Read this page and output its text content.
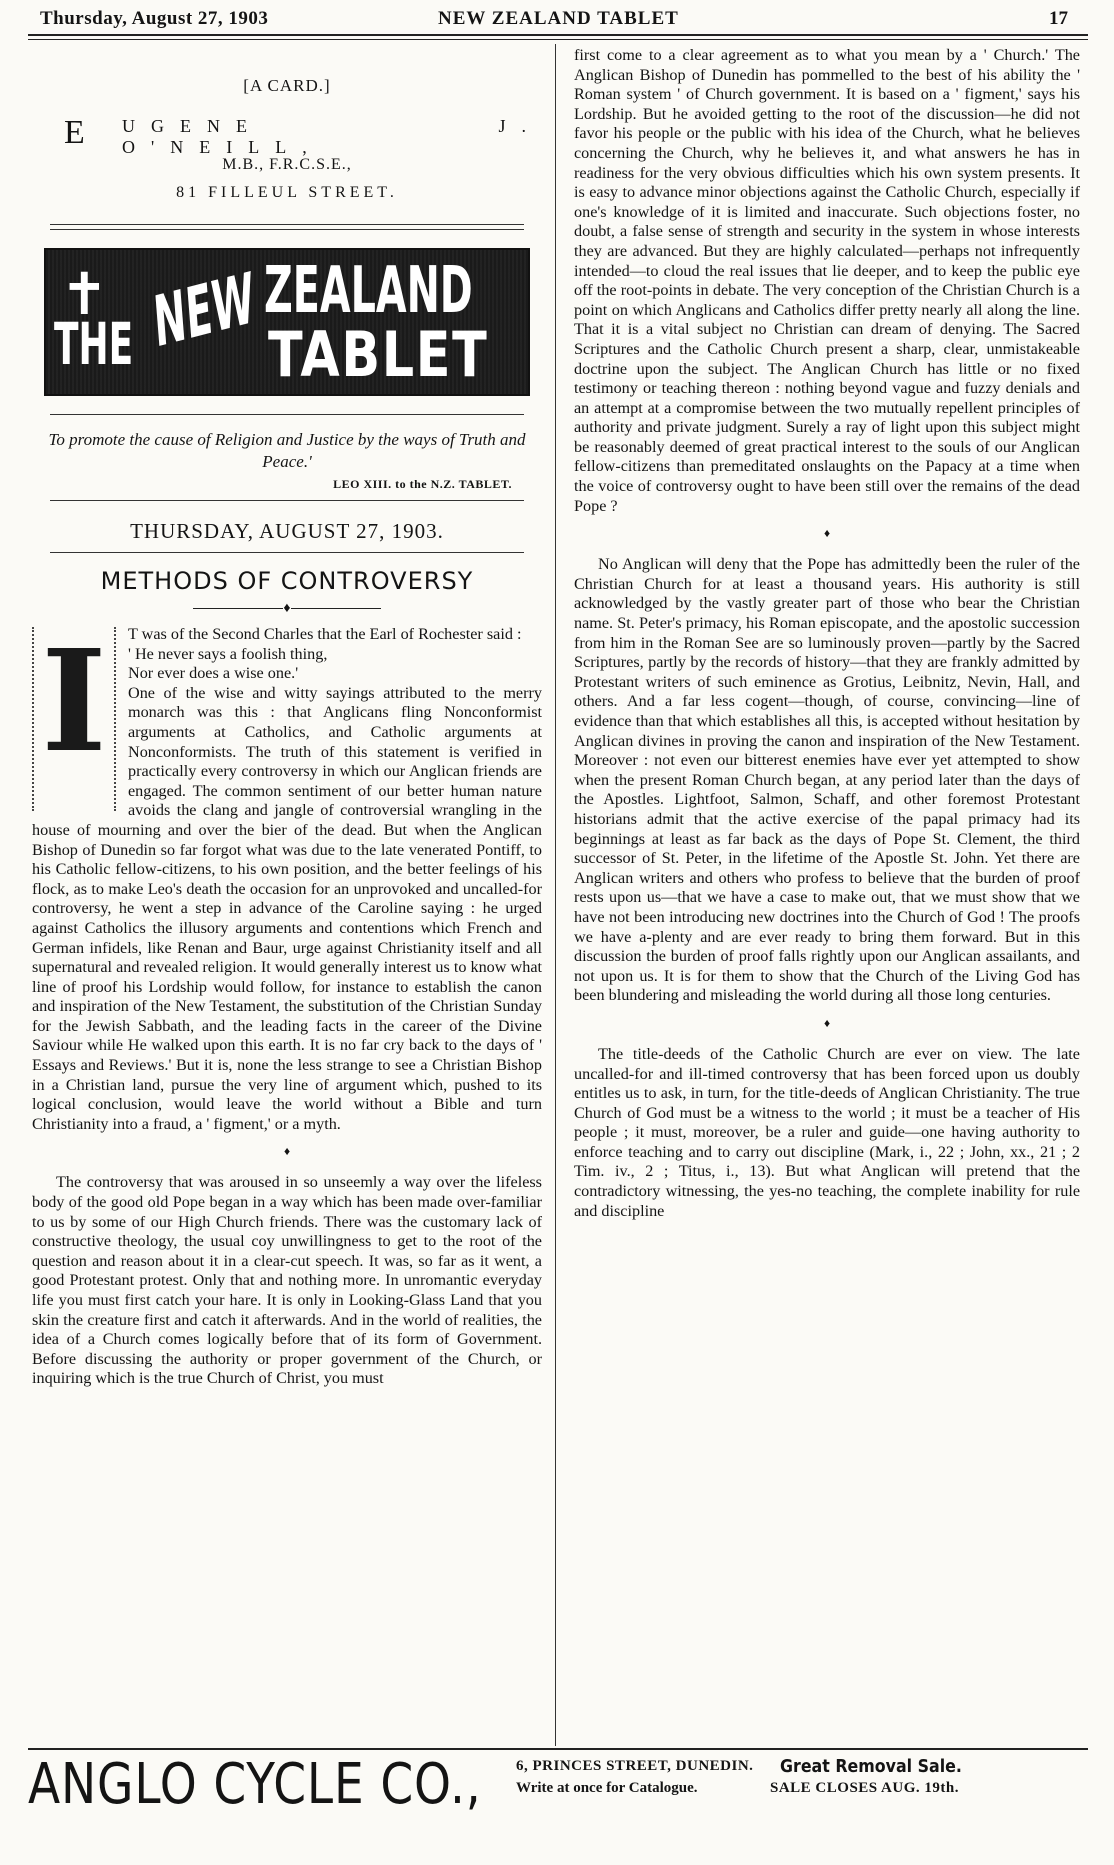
Thursday, August 27, 1903	NEW ZEALAND TABLET	17
[A CARD.]
E UGENE J. O'NEILL,
M.B., F.R.C.S.E.,
81 FILLEUL STREET.
✝
THE NEW ZEALAND
TABLET
To promote the cause of Religion and Justice by the ways of Truth and Peace.'
LEO XIII. to the N.Z. TABLET.
THURSDAY, AUGUST 27, 1903.
METHODS OF CONTROVERSY
♦
I	T was of the Second Charles that the Earl of Rochester said :

' He never says a foolish thing,

Nor ever does a wise one.'

One of the wise and witty sayings attributed to the merry monarch was this : that Anglicans fling Nonconformist arguments at Catholics, and Catholic arguments at Nonconformists. The truth of this statement is verified in practically every controversy in which our Anglican friends are engaged. The common sentiment of our better human nature avoids the clang and jangle of controversial wrangling in the house of mourning and over the bier of the dead. But when the Anglican Bishop of Dunedin so far forgot what was due to the late venerated Pontiff, to his Catholic fellow-citizens, to his own position, and the better feelings of his flock, as to make Leo's death the occasion for an unprovoked and uncalled-for controversy, he went a step in advance of the Caroline saying : he urged against Catholics the illusory arguments and contentions which French and German infidels, like Renan and Baur, urge against Christianity itself and all supernatural and revealed religion. It would generally interest us to know what line of proof his Lordship would follow, for instance to establish the canon and inspiration of the New Testament, the substitution of the Christian Sunday for the Jewish Sabbath, and the leading facts in the career of the Divine Saviour while He walked upon this earth. It is no far cry back to the days of ' Essays and Reviews.' But it is, none the less strange to see a Christian Bishop in a Christian land, pursue the very line of argument which, pushed to its logical conclusion, would leave the world without a Bible and turn Christianity into a fraud, a ' figment,' or a myth.

♦

The controversy that was aroused in so unseemly a way over the lifeless body of the good old Pope began in a way which has been made over-familiar to us by some of our High Church friends. There was the customary lack of constructive theology, the usual coy unwillingness to get to the root of the question and reason about it in a clear-cut speech. It was, so far as it went, a good Protestant protest. Only that and nothing more. In unromantic everyday life you must first catch your hare. It is only in Looking-Glass Land that you skin the creature first and catch it afterwards. And in the world of realities, the idea of a Church comes logically before that of its form of Government. Before discussing the authority or proper government of the Church, or inquiring which is the true Church of Christ, you must

first come to a clear agreement as to what you mean by a ' Church.' The Anglican Bishop of Dunedin has pommelled to the best of his ability the ' Roman system ' of Church government. It is based on a ' figment,' says his Lordship. But he avoided getting to the root of the discussion—he did not favor his people or the public with his idea of the Church, what he believes concerning the Church, why he believes it, and what answers he has in readiness for the very obvious difficulties which his own system presents. It is easy to advance minor objections against the Catholic Church, especially if one's knowledge of it is limited and inaccurate. Such objections foster, no doubt, a false sense of strength and security in the system in whose interests they are advanced. But they are highly calculated—perhaps not infrequently intended—to cloud the real issues that lie deeper, and to keep the public eye off the root-points in debate. The very conception of the Christian Church is a point on which Anglicans and Catholics differ pretty nearly all along the line. That it is a vital subject no Christian can dream of denying. The Sacred Scriptures and the Catholic Church present a sharp, clear, unmistakeable doctrine upon the subject. The Anglican Church has little or no fixed testimony or teaching thereon : nothing beyond vague and fuzzy denials and an attempt at a compromise between the two mutually repellent principles of authority and private judgment. Surely a ray of light upon this subject might be reasonably deemed of great practical interest to the souls of our Anglican fellow-citizens than premeditated onslaughts on the Papacy at a time when the voice of controversy ought to have been still over the remains of the dead Pope ?

♦

No Anglican will deny that the Pope has admittedly been the ruler of the Christian Church for at least a thousand years. His authority is still acknowledged by the vastly greater part of those who bear the Christian name. St. Peter's primacy, his Roman episcopate, and the apostolic succession from him in the Roman See are so luminously proven—partly by the Sacred Scriptures, partly by the records of history—that they are frankly admitted by Protestant writers of such eminence as Grotius, Leibnitz, Nevin, Hall, and others. And a far less cogent—though, of course, convincing—line of evidence than that which establishes all this, is accepted without hesitation by Anglican divines in proving the canon and inspiration of the New Testament. Moreover : not even our bitterest enemies have ever yet attempted to show when the present Roman Church began, at any period later than the days of the Apostles. Lightfoot, Salmon, Schaff, and other foremost Protestant historians admit that the active exercise of the papal primacy had its beginnings at least as far back as the days of Pope St. Clement, the third successor of St. Peter, in the lifetime of the Apostle St. John. Yet there are Anglican writers and others who profess to believe that the burden of proof rests upon us—that we have a case to make out, that we must show that we have not been introducing new doctrines into the Church of God ! The proofs we have a-plenty and are ever ready to bring them forward. But in this discussion the burden of proof falls rightly upon our Anglican assailants, and not upon us. It is for them to show that the Church of the Living God has been blundering and misleading the world during all those long centuries.

♦

The title-deeds of the Catholic Church are ever on view. The late uncalled-for and ill-timed controversy that has been forced upon us doubly entitles us to ask, in turn, for the title-deeds of Anglican Christianity. The true Church of God must be a witness to the world ; it must be a teacher of His people ; it must, moreover, be a ruler and guide—one having authority to enforce teaching and to carry out discipline (Mark, i., 22 ; John, xx., 21 ; 2 Tim. iv., 2 ; Titus, i., 13). But what Anglican will pretend that the contradictory witnessing, the yes-no teaching, the complete inability for rule and discipline

ANGLO CYCLE CO., 6, PRINCES STREET, DUNEDIN. Great Removal Sale.
Write at once for Catalogue.	SALE CLOSES AUG. 19th.
